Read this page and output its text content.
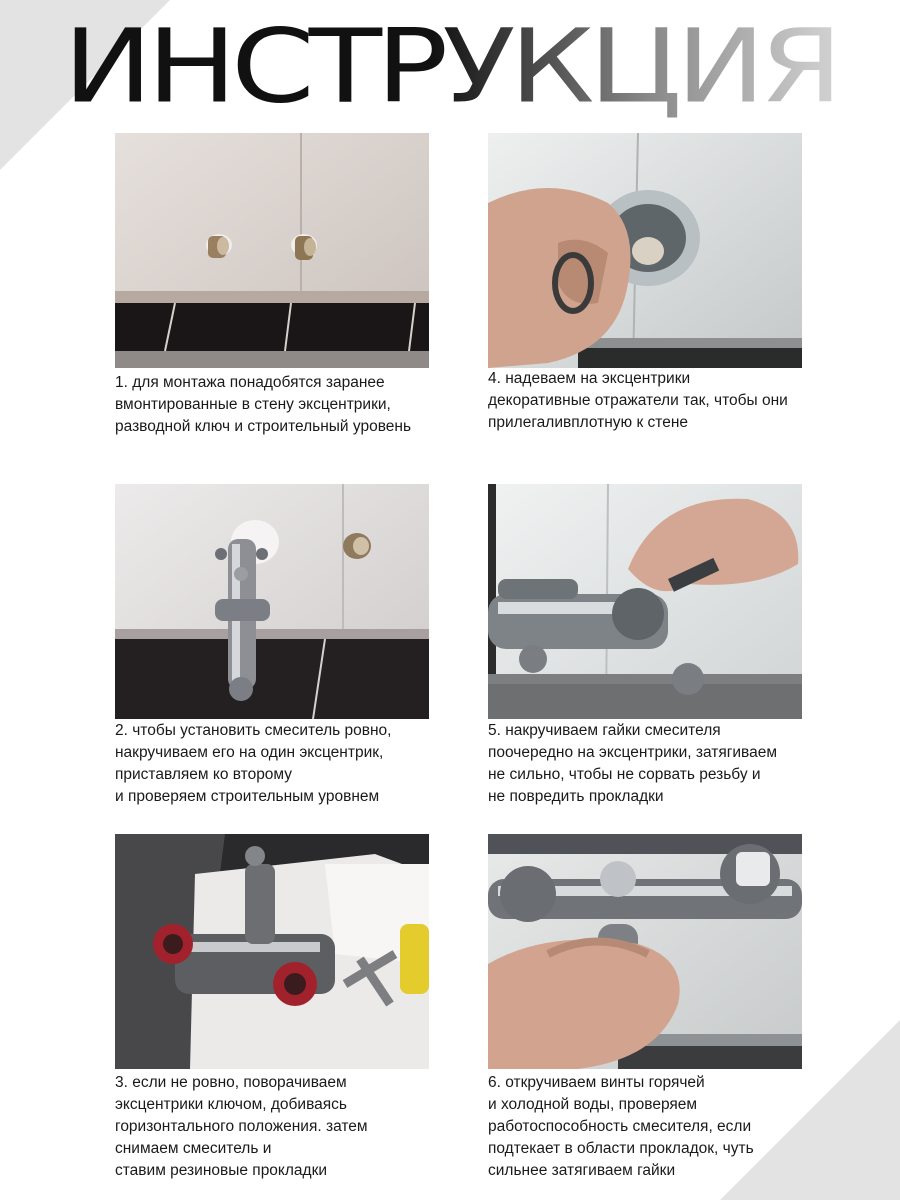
ИНСТРУКЦИЯ
1. для монтажа понадобятся заранее
вмонтированные в стену эксцентрики,
разводной ключ и строительный уровень
4. надеваем на эксцентрики
декоративные отражатели так, чтобы они
прилегаливплотную к стене
2. чтобы установить смеситель ровно,
накручиваем его на один эксцентрик,
приставляем ко второму
и проверяем строительным уровнем
5. накручиваем гайки смесителя
поочередно на эксцентрики, затягиваем
не сильно, чтобы не сорвать резьбу и
не повредить прокладки
3. если не ровно, поворачиваем
эксцентрики ключом, добиваясь
горизонтального положения. затем
снимаем смеситель и
ставим резиновые прокладки
6. откручиваем винты горячей
и холодной воды, проверяем
работоспособность смесителя, если
подтекает в области прокладок, чуть
сильнее затягиваем гайки
